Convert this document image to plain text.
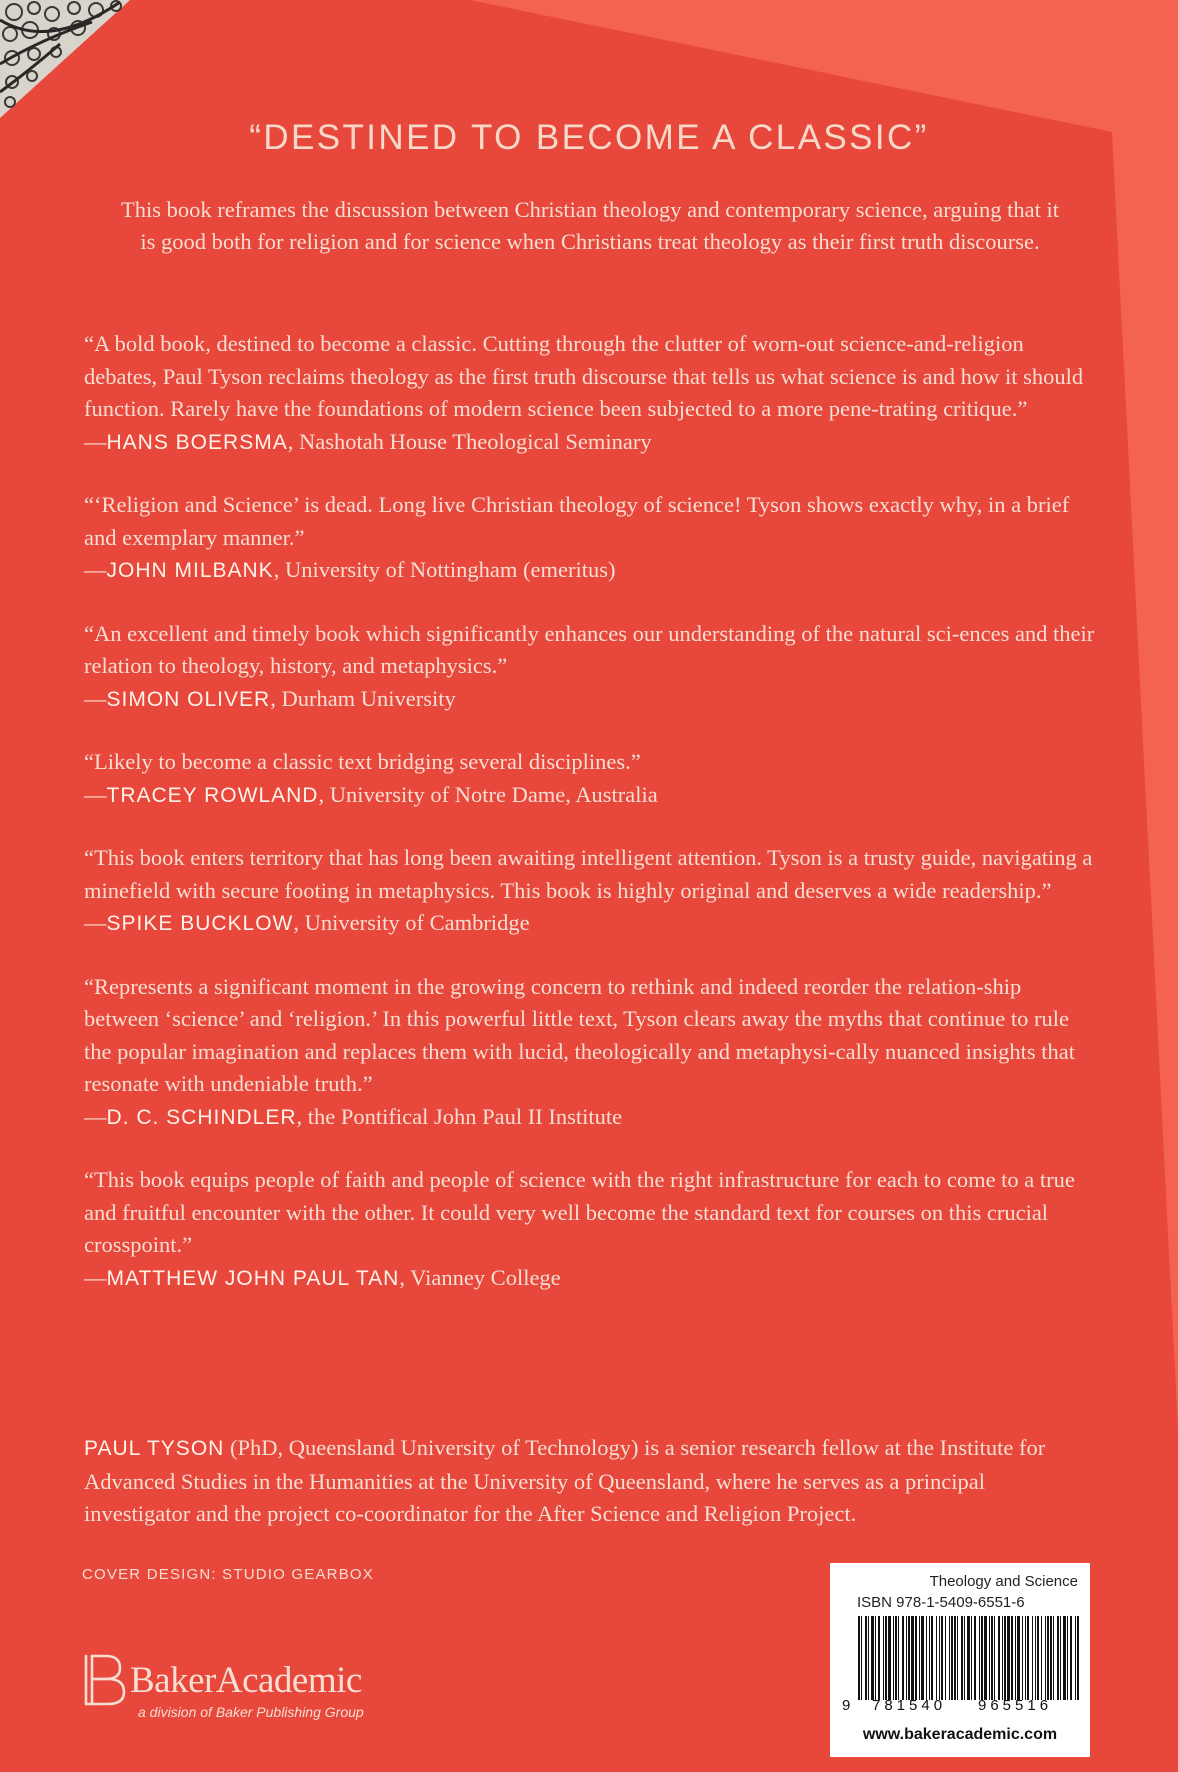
“DESTINED TO BECOME A CLASSIC”

This book reframes the discussion between Christian theology and contemporary science, arguing that it is good both for religion and for science when Christians treat theology as their first truth discourse.

“A bold book, destined to become a classic. Cutting through the clutter of worn-out science-and-religion debates, Paul Tyson reclaims theology as the first truth discourse that tells us what science is and how it should function. Rarely have the foundations of modern science been subjected to a more pene-trating critique.”

—HANS BOERSMA, Nashotah House Theological Seminary

“‘Religion and Science’ is dead. Long live Christian theology of science! Tyson shows exactly why, in a brief and exemplary manner.”

—JOHN MILBANK, University of Nottingham (emeritus)

“An excellent and timely book which significantly enhances our understanding of the natural sci-ences and their relation to theology, history, and metaphysics.”

—SIMON OLIVER, Durham University

“Likely to become a classic text bridging several disciplines.”

—TRACEY ROWLAND, University of Notre Dame, Australia

“This book enters territory that has long been awaiting intelligent attention. Tyson is a trusty guide, navigating a minefield with secure footing in metaphysics. This book is highly original and deserves a wide readership.”

—SPIKE BUCKLOW, University of Cambridge

“Represents a significant moment in the growing concern to rethink and indeed reorder the relation-ship between ‘science’ and ‘religion.’ In this powerful little text, Tyson clears away the myths that continue to rule the popular imagination and replaces them with lucid, theologically and metaphysi-cally nuanced insights that resonate with undeniable truth.”

—D. C. SCHINDLER, the Pontifical John Paul II Institute

“This book equips people of faith and people of science with the right infrastructure for each to come to a true and fruitful encounter with the other. It could very well become the standard text for courses on this crucial crosspoint.”

—MATTHEW JOHN PAUL TAN, Vianney College

PAUL TYSON (PhD, Queensland University of Technology) is a senior research fellow at the Institute for Advanced Studies in the Humanities at the University of Queensland, where he serves as a principal investigator and the project co-coordinator for the After Science and Religion Project.

COVER DESIGN: STUDIO GEARBOX
BakerAcademic
a division of Baker Publishing Group
Theology and Science
ISBN 978-1-5409-6551-6
9 781540 965516
www.bakeracademic.com
